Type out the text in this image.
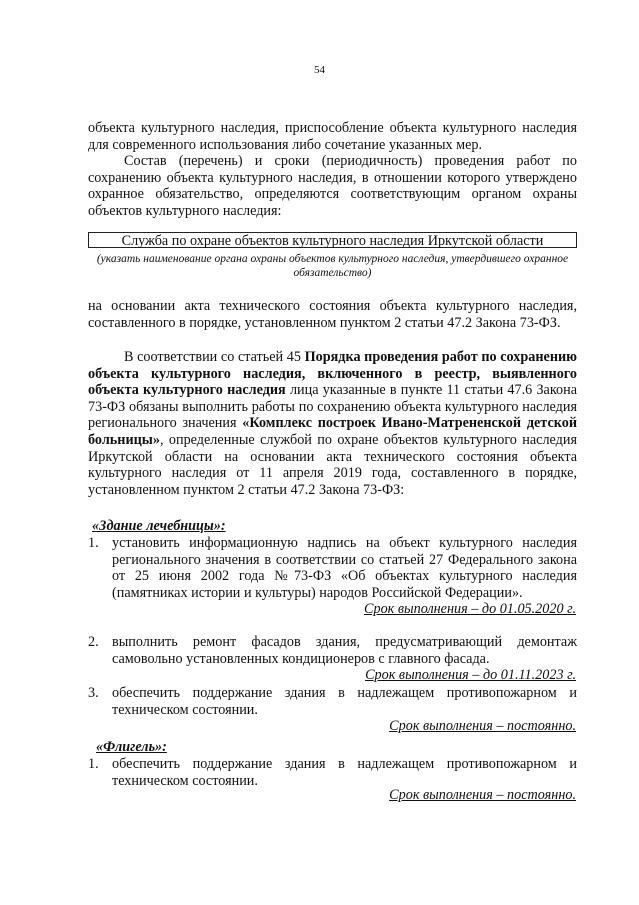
54
объекта культурного наследия, приспособление объекта культурного наследия для современного использования либо сочетание указанных мер.
Состав (перечень) и сроки (периодичность) проведения работ по сохранению объекта культурного наследия, в отношении которого утверждено охранное обязательство, определяются соответствующим органом охраны объектов культурного наследия:
Служба по охране объектов культурного наследия Иркутской области
(указать наименование органа охраны объектов культурного наследия, утвердившего охранное обязательство)
на основании акта технического состояния объекта культурного наследия, составленного в порядке, установленном пунктом 2 статьи 47.2 Закона 73-ФЗ.
В соответствии со статьей 45 Порядка проведения работ по сохранению объекта культурного наследия, включенного в реестр, выявленного объекта культурного наследия лица указанные в пункте 11 статьи 47.6 Закона 73-ФЗ обязаны выполнить работы по сохранению объекта культурного наследия регионального значения «Комплекс построек Ивано-Матрененской детской больницы», определенные службой по охране объектов культурного наследия Иркутской области на основании акта технического состояния объекта культурного наследия от 11 апреля 2019 года, составленного в порядке, установленном пунктом 2 статьи 47.2 Закона 73-ФЗ:
«Здание лечебницы»:
1. установить информационную надпись на объект культурного наследия регионального значения в соответствии со статьей 27 Федерального закона от 25 июня 2002 года №73-ФЗ «Об объектах культурного наследия (памятниках истории и культуры) народов Российской Федерации».
Срок выполнения – до 01.05.2020 г.
2. выполнить ремонт фасадов здания, предусматривающий демонтаж самовольно установленных кондиционеров с главного фасада.
Срок выполнения – до 01.11.2023 г.
3. обеспечить поддержание здания в надлежащем противопожарном и техническом состоянии.
Срок выполнения – постоянно.
«Флигель»:
1. обеспечить поддержание здания в надлежащем противопожарном и техническом состоянии.
Срок выполнения – постоянно.
